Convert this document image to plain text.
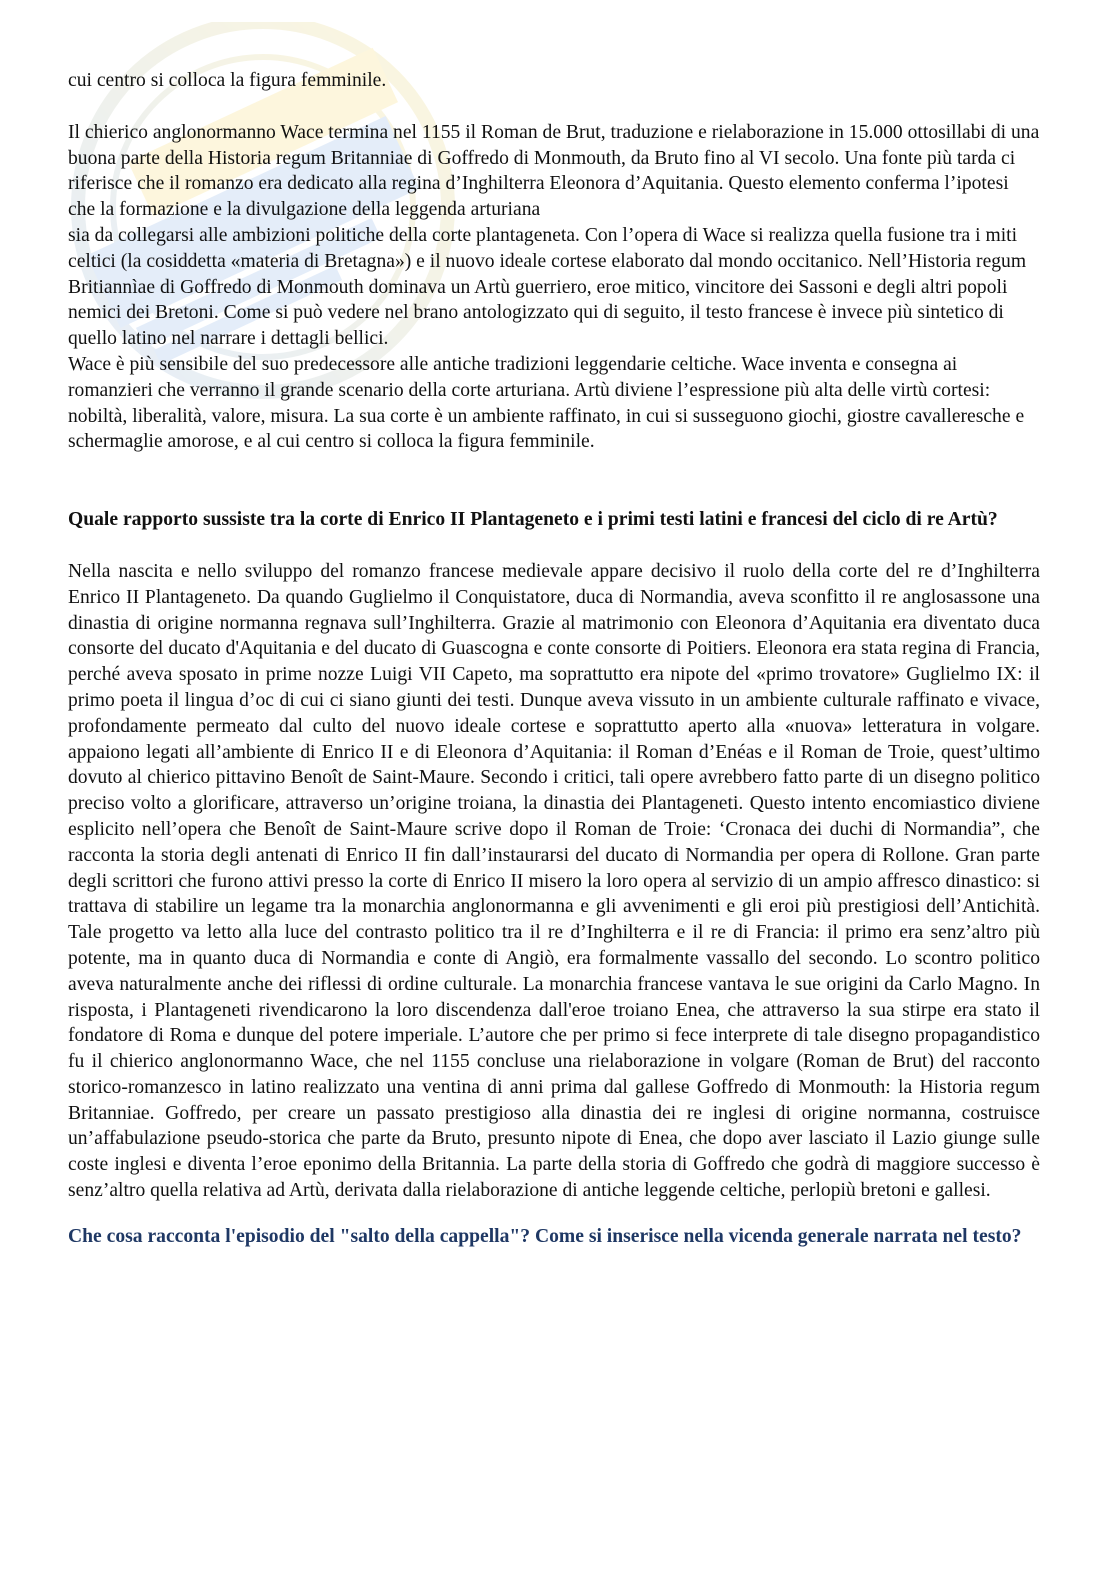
cui centro si colloca la figura femminile.

Il chierico anglonormanno Wace termina nel 1155 il Roman de Brut, traduzione e rielaborazione in 15.000 ottosillabi di una buona parte della Historia regum Britanniae di Goffredo di Monmouth, da Bruto fino al VI secolo. Una fonte più tarda ci riferisce che il romanzo era dedicato alla regina d’Inghilterra Eleonora d’Aquitania. Questo elemento conferma l’ipotesi che la formazione e la divulgazione della leggenda arturiana

sia da collegarsi alle ambizioni politiche della corte plantageneta. Con l’opera di Wace si realizza quella fusione tra i miti celtici (la cosiddetta «materia di Bretagna») e il nuovo ideale cortese elaborato dal mondo occitanico. Nell’Historia regum Britiannìae di Goffredo di Monmouth dominava un Artù guerriero, eroe mitico, vincitore dei Sassoni e degli altri popoli nemici dei Bretoni. Come si può vedere nel brano antologizzato qui di seguito, il testo francese è invece più sintetico di quello latino nel narrare i dettagli bellici.

Wace è più sensibile del suo predecessore alle antiche tradizioni leggendarie celtiche. Wace inventa e consegna ai romanzieri che verranno il grande scenario della corte arturiana. Artù diviene l’espressione più alta delle virtù cortesi: nobiltà, liberalità, valore, misura. La sua corte è un ambiente raffinato, in cui si susseguono giochi, giostre cavalleresche e schermaglie amorose, e al cui centro si colloca la figura femminile.

Quale rapporto sussiste tra la corte di Enrico II Plantageneto e i primi testi latini e francesi del ciclo di re Artù?

Nella nascita e nello sviluppo del romanzo francese medievale appare decisivo il ruolo della corte del re d’Inghilterra Enrico II Plantageneto. Da quando Guglielmo il Conquistatore, duca di Normandia, aveva sconfitto il re anglosassone una dinastia di origine normanna regnava sull’Inghilterra. Grazie al matrimonio con Eleonora d’Aquitania era diventato duca consorte del ducato d'Aquitania e del ducato di Guascogna e conte consorte di Poitiers. Eleonora era stata regina di Francia, perché aveva sposato in prime nozze Luigi VII Capeto, ma soprattutto era nipote del «primo trovatore» Guglielmo IX: il primo poeta il lingua d’oc di cui ci siano giunti dei testi. Dunque aveva vissuto in un ambiente culturale raffinato e vivace, profondamente permeato dal culto del nuovo ideale cortese e soprattutto aperto alla «nuova» letteratura in volgare. appaiono legati all’ambiente di Enrico II e di Eleonora d’Aquitania: il Roman d’Enéas e il Roman de Troie, quest’ultimo dovuto al chierico pittavino Benoît de Saint-Maure. Secondo i critici, tali opere avrebbero fatto parte di un disegno politico preciso volto a glorificare, attraverso un’origine troiana, la dinastia dei Plantageneti. Questo intento encomiastico diviene esplicito nell’opera che Benoît de Saint-Maure scrive dopo il Roman de Troie: ‘Cronaca dei duchi di Normandia”, che racconta la storia degli antenati di Enrico II fin dall’instaurarsi del ducato di Normandia per opera di Rollone. Gran parte degli scrittori che furono attivi presso la corte di Enrico II misero la loro opera al servizio di un ampio affresco dinastico: si trattava di stabilire un legame tra la monarchia anglonormanna e gli avvenimenti e gli eroi più prestigiosi dell’Antichità. Tale progetto va letto alla luce del contrasto politico tra il re d’Inghilterra e il re di Francia: il primo era senz’altro più potente, ma in quanto duca di Normandia e conte di Angiò, era formalmente vassallo del secondo. Lo scontro politico aveva naturalmente anche dei riflessi di ordine culturale. La monarchia francese vantava le sue origini da Carlo Magno. In risposta, i Plantageneti rivendicarono la loro discendenza dall'eroe troiano Enea, che attraverso la sua stirpe era stato il fondatore di Roma e dunque del potere imperiale. L’autore che per primo si fece interprete di tale disegno propagandistico fu il chierico anglonormanno Wace, che nel 1155 concluse una rielaborazione in volgare (Roman de Brut) del racconto storico-romanzesco in latino realizzato una ventina di anni prima dal gallese Goffredo di Monmouth: la Historia regum Britanniae. Goffredo, per creare un passato prestigioso alla dinastia dei re inglesi di origine normanna, costruisce un’affabulazione pseudo-storica che parte da Bruto, presunto nipote di Enea, che dopo aver lasciato il Lazio giunge sulle coste inglesi e diventa l’eroe eponimo della Britannia. La parte della storia di Goffredo che godrà di maggiore successo è senz’altro quella relativa ad Artù, derivata dalla rielaborazione di antiche leggende celtiche, perlopiù bretoni e gallesi.

Che cosa racconta l'episodio del "salto della cappella"? Come si inserisce nella vicenda generale narrata nel testo?
